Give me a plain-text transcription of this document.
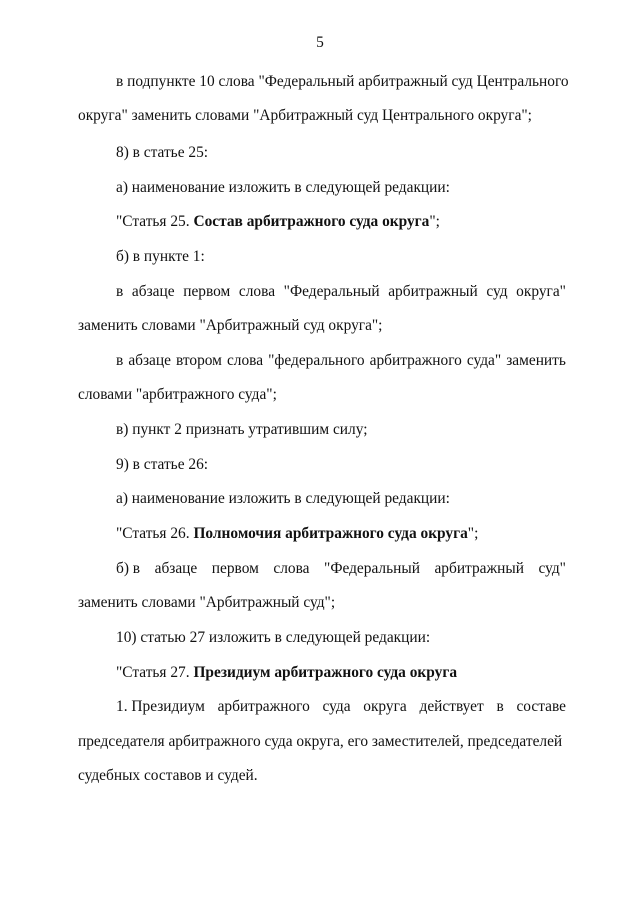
5
в подпункте 10 слова "Федеральный арбитражный суд Центрального
округа" заменить словами "Арбитражный суд Центрального округа";
8) в статье 25:
а) наименование изложить в следующей редакции:
"Статья 25. Состав арбитражного суда округа";
б) в пункте 1:
в абзаце первом слова "Федеральный арбитражный суд округа"
заменить словами "Арбитражный суд округа";
в абзаце втором слова "федерального арбитражного суда" заменить
словами "арбитражного суда";
в) пункт 2 признать утратившим силу;
9) в статье 26:
а) наименование изложить в следующей редакции:
"Статья 26. Полномочия арбитражного суда округа";
б) в абзаце первом слова "Федеральный арбитражный суд"
заменить словами "Арбитражный суд";
10) статью 27 изложить в следующей редакции:
"Статья 27. Президиум арбитражного суда округа
1. Президиум арбитражного суда округа действует в составе
председателя арбитражного суда округа, его заместителей, председателей
судебных составов и судей.
